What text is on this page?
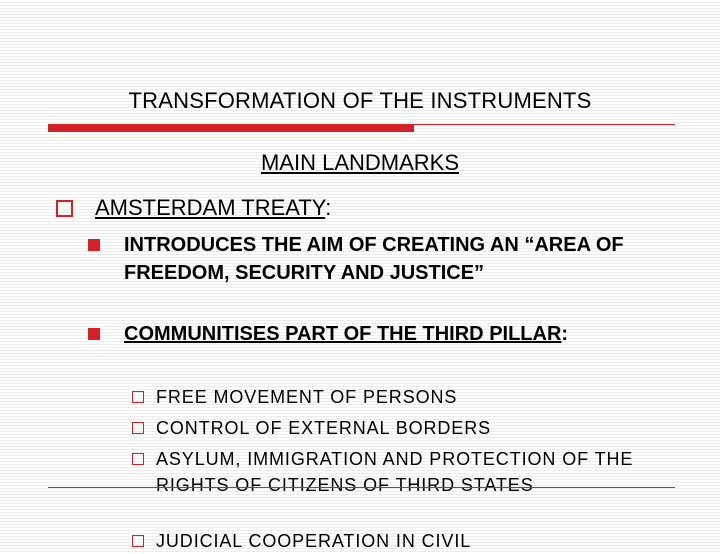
TRANSFORMATION OF THE INSTRUMENTS
MAIN LANDMARKS
AMSTERDAM TREATY:
INTRODUCES THE AIM OF CREATING AN “AREA OF FREEDOM, SECURITY AND JUSTICE”
COMMUNITISES PART OF THE THIRD PILLAR:
FREE MOVEMENT OF PERSONS
CONTROL OF EXTERNAL BORDERS
ASYLUM, IMMIGRATION AND PROTECTION OF THE RIGHTS OF CITIZENS OF THIRD STATES
JUDICIAL COOPERATION IN CIVIL
